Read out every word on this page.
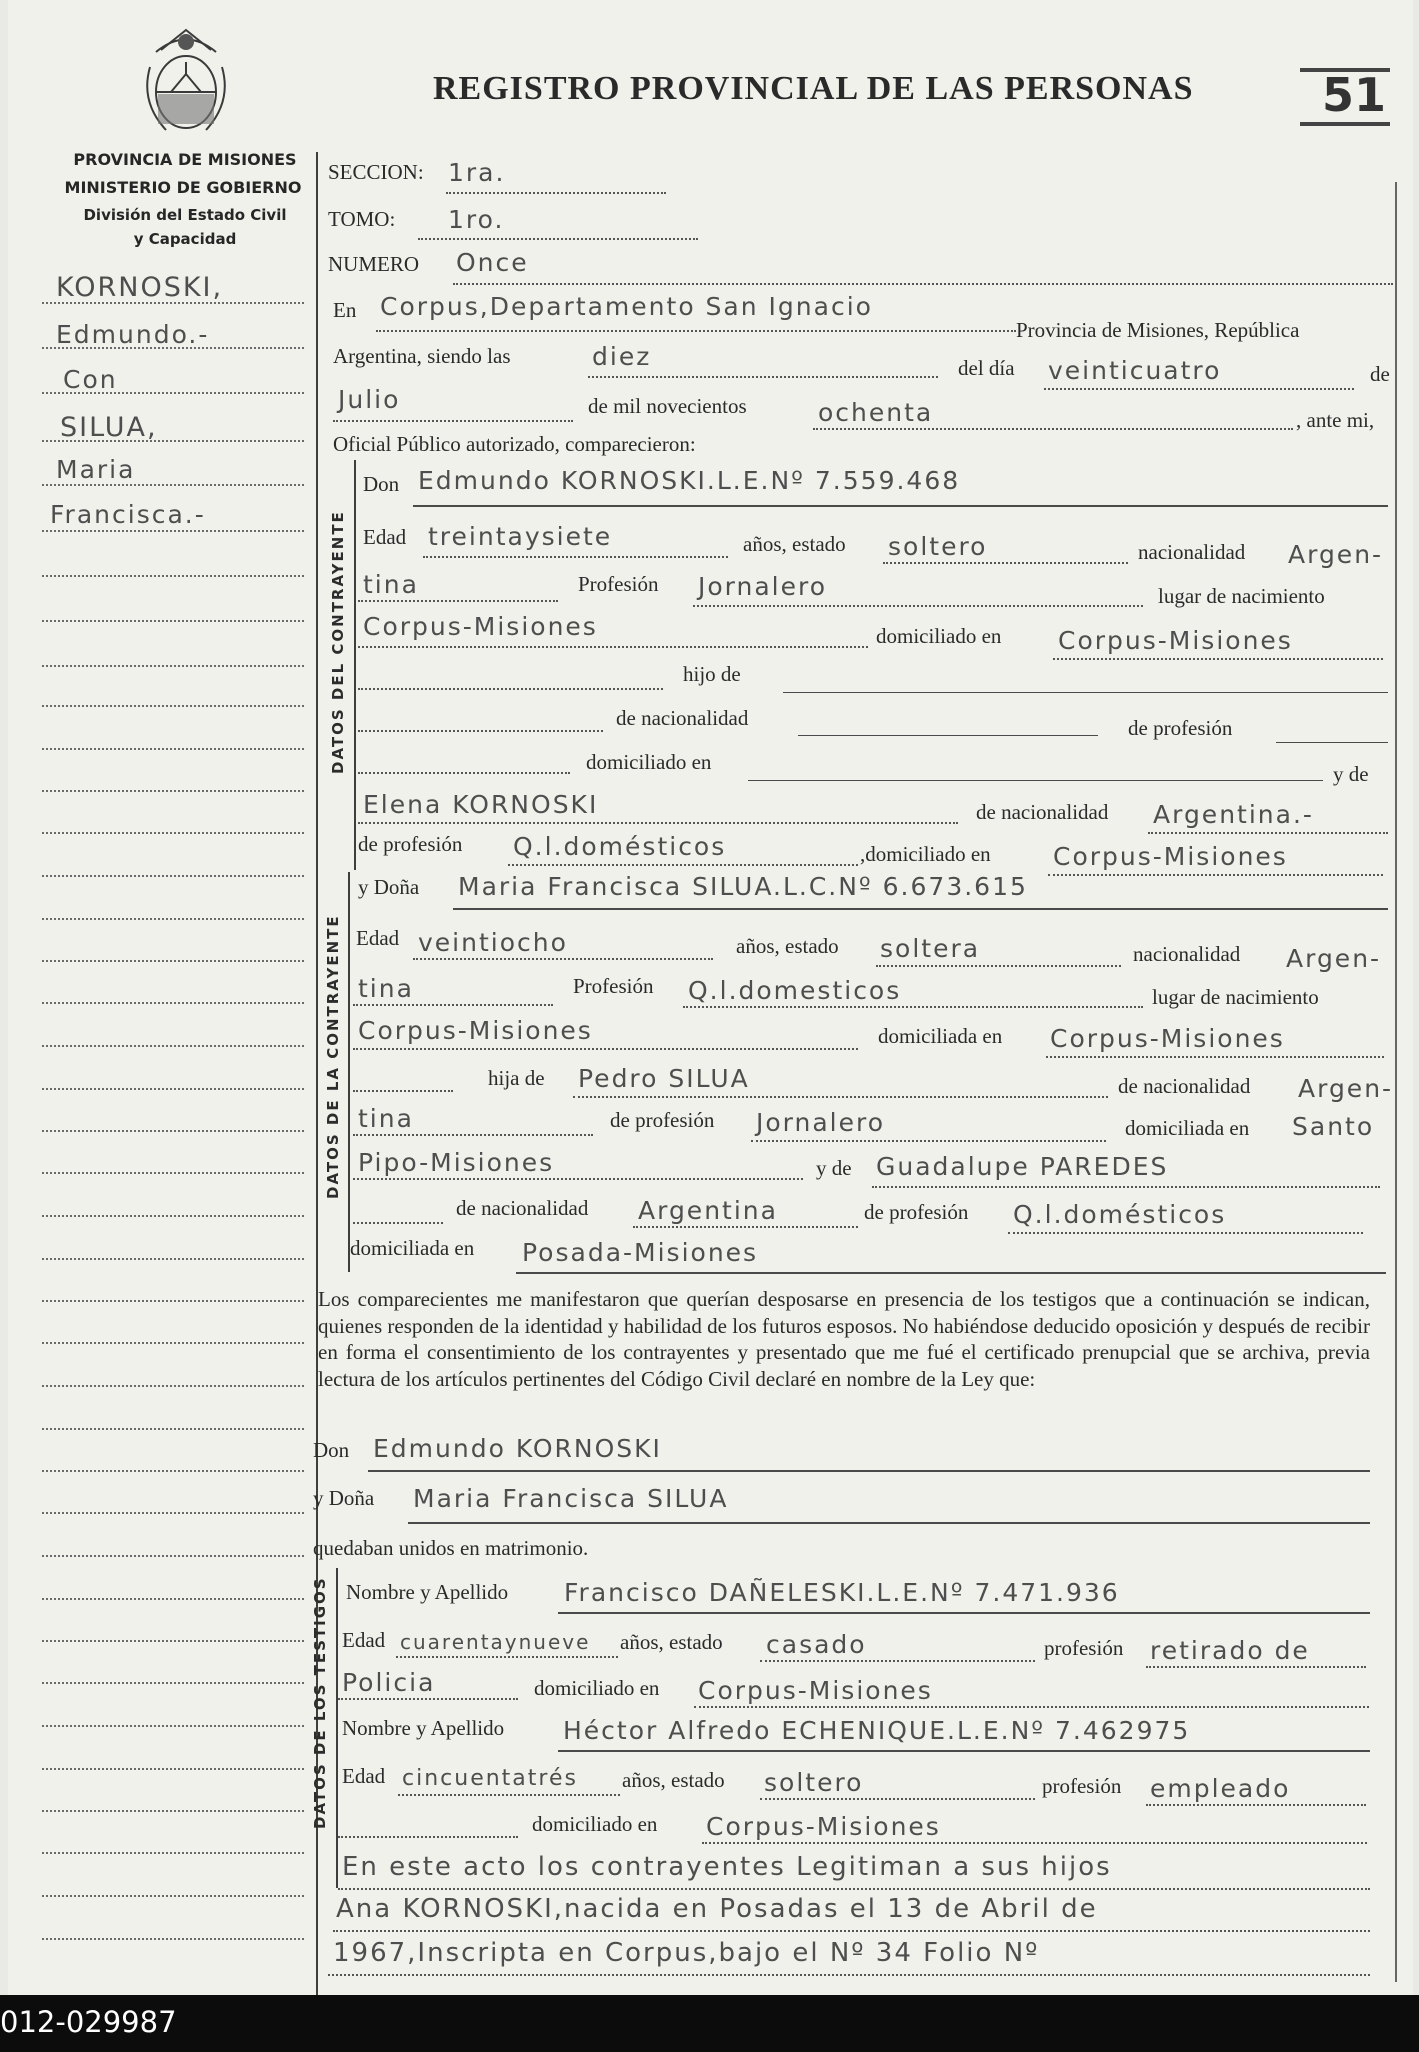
PROVINCIA DE MISIONES
MINISTERIO DE GOBIERNO
División del Estado Civil
y Capacidad
REGISTRO PROVINCIAL DE LAS PERSONAS	51
SECCION: 1ra.
TOMO: 1ro.
NUMERO Once
En Corpus,Departamento San Ignacio
Provincia de Misiones, República
Argentina, siendo las	diez	del día veinticuatro	de
Julio	de mil novecientos	ochenta	, ante mi,
Oficial Público autorizado, comparecieron:
KORNOSKI,
Edmundo.-
Con
SILUA,
Maria
Francisca.-	DATOS DEL CONTRAYENTE
Don Edmundo KORNOSKI.L.E.Nº 7.559.468
Edad treintaysiete	años, estado soltero	nacionalidad Argen-
tina	Profesión Jornalero	lugar de nacimiento
Corpus-Misiones	domiciliado en Corpus-Misiones
hijo de
de nacionalidad	de profesión
domiciliado en	y de
Elena KORNOSKI	de nacionalidad Argentina.-
de profesión Q.l.domésticos	,domiciliado en Corpus-Misiones
DATOS DE LA CONTRAYENTE
y Doña Maria Francisca SILUA.L.C.Nº 6.673.615
Edad veintiocho	años, estado soltera	nacionalidad Argen-
tina	Profesión Q.l.domesticos	lugar de nacimiento
Corpus-Misiones	domiciliada en Corpus-Misiones
hija de Pedro SILUA	de nacionalidad Argen-
tina	de profesión Jornalero	domiciliada en Santo
Pipo-Misiones	y de Guadalupe PAREDES
de nacionalidad Argentina	de profesión Q.l.domésticos
domiciliada en Posada-Misiones
Los comparecientes me manifestaron que querían desposarse en presencia de los testigos que a continuación se indican, quienes responden de la identidad y habilidad de los futuros esposos. No habiéndose deducido oposición y después de recibir en forma el consentimiento de los contrayentes y presentado que me fué el certificado prenupcial que se archiva, previa lectura de los artículos pertinentes del Código Civil declaré en nombre de la Ley que:
Don Edmundo KORNOSKI
y Doña Maria Francisca SILUA
quedaban unidos en matrimonio.
DATOS DE LOS TESTIGOS Nombre y Apellido Francisco DAÑELESKI.L.E.Nº 7.471.936
Edad cuarentaynueve años, estado casado	profesión retirado de
Policia	domiciliado en Corpus-Misiones
Nombre y Apellido Héctor Alfredo ECHENIQUE.L.E.Nº 7.462975
Edad cincuentatrés años, estado soltero	profesión empleado
domiciliado en Corpus-Misiones
En este acto los contrayentes Legitiman a sus hijos
Ana KORNOSKI,nacida en Posadas el 13 de Abril de
1967,Inscripta en Corpus,bajo el Nº 34 Folio Nº
012-029987
